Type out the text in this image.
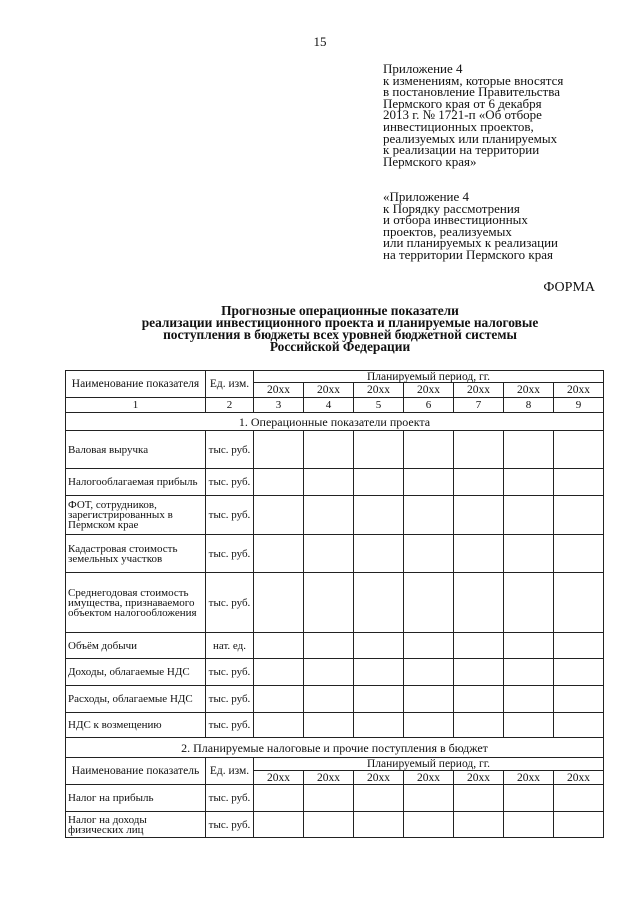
15
Приложение 4
к изменениям, которые вносятся
в постановление Правительства
Пермского края от 6 декабря
2013 г. № 1721-п «Об отборе
инвестиционных проектов,
реализуемых или планируемых
к реализации на территории
Пермского края»
«Приложение 4
к Порядку рассмотрения
и отбора инвестиционных
проектов, реализуемых
или планируемых к реализации
на территории Пермского края
ФОРМА
Прогнозные операционные показатели
реализации инвестиционного проекта и планируемые налоговые
поступления в бюджеты всех уровней бюджетной системы
Российской Федерации
Наименование показателя	Ед. изм.	Планируемый период, гг.						
		20хх	20хх	20хх	20хх	20хх	20хх	20хх
1	2	3	4	5	6	7	8	9
1. Операционные показатели проекта								
Валовая выручка	тыс. руб.							
Налогооблагаемая прибыль	тыс. руб.							
ФОТ, сотрудников, зарегистрированных в Пермском крае	тыс. руб.							
Кадастровая стоимость земельных участков	тыс. руб.							
Среднегодовая стоимость имущества, признаваемого объектом налогообложения	тыс. руб.							
Объём добычи	нат. ед.							
Доходы, облагаемые НДС	тыс. руб.							
Расходы, облагаемые НДС	тыс. руб.							
НДС к возмещению	тыс. руб.							
2. Планируемые налоговые и прочие поступления в бюджет								
Наименование показатель	Ед. изм.	Планируемый период, гг.						
		20хх	20хх	20хх	20хх	20хх	20хх	20хх
Налог на прибыль	тыс. руб.							
Налог на доходы физических лиц	тыс. руб.							
